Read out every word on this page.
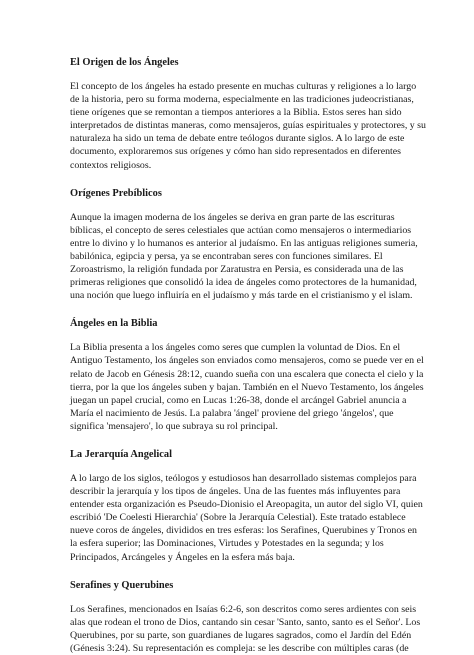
El Origen de los Ángeles

El concepto de los ángeles ha estado presente en muchas culturas y religiones a lo largo de la historia, pero su forma moderna, especialmente en las tradiciones judeocristianas, tiene orígenes que se remontan a tiempos anteriores a la Biblia. Estos seres han sido interpretados de distintas maneras, como mensajeros, guías espirituales y protectores, y su naturaleza ha sido un tema de debate entre teólogos durante siglos. A lo largo de este documento, exploraremos sus orígenes y cómo han sido representados en diferentes contextos religiosos.

Orígenes Prebíblicos

Aunque la imagen moderna de los ángeles se deriva en gran parte de las escrituras bíblicas, el concepto de seres celestiales que actúan como mensajeros o intermediarios entre lo divino y lo humanos es anterior al judaísmo. En las antiguas religiones sumeria, babilónica, egipcia y persa, ya se encontraban seres con funciones similares. El Zoroastrismo, la religión fundada por Zaratustra en Persia, es considerada una de las primeras religiones que consolidó la idea de ángeles como protectores de la humanidad, una noción que luego influiría en el judaísmo y más tarde en el cristianismo y el islam.

Ángeles en la Biblia

La Biblia presenta a los ángeles como seres que cumplen la voluntad de Dios. En el Antiguo Testamento, los ángeles son enviados como mensajeros, como se puede ver en el relato de Jacob en Génesis 28:12, cuando sueña con una escalera que conecta el cielo y la tierra, por la que los ángeles suben y bajan. También en el Nuevo Testamento, los ángeles juegan un papel crucial, como en Lucas 1:26-38, donde el arcángel Gabriel anuncia a María el nacimiento de Jesús. La palabra 'ángel' proviene del griego 'ángelos', que significa 'mensajero', lo que subraya su rol principal.

La Jerarquía Angelical

A lo largo de los siglos, teólogos y estudiosos han desarrollado sistemas complejos para describir la jerarquía y los tipos de ángeles. Una de las fuentes más influyentes para entender esta organización es Pseudo-Dionisio el Areopagita, un autor del siglo VI, quien escribió 'De Coelesti Hierarchia' (Sobre la Jerarquía Celestial). Este tratado establece nueve coros de ángeles, divididos en tres esferas: los Serafines, Querubines y Tronos en la esfera superior; las Dominaciones, Virtudes y Potestades en la segunda; y los Principados, Arcángeles y Ángeles en la esfera más baja.

Serafines y Querubines

Los Serafines, mencionados en Isaías 6:2-6, son descritos como seres ardientes con seis alas que rodean el trono de Dios, cantando sin cesar 'Santo, santo, santo es el Señor'. Los Querubines, por su parte, son guardianes de lugares sagrados, como el Jardín del Edén (Génesis 3:24). Su representación es compleja: se les describe con múltiples caras (de
